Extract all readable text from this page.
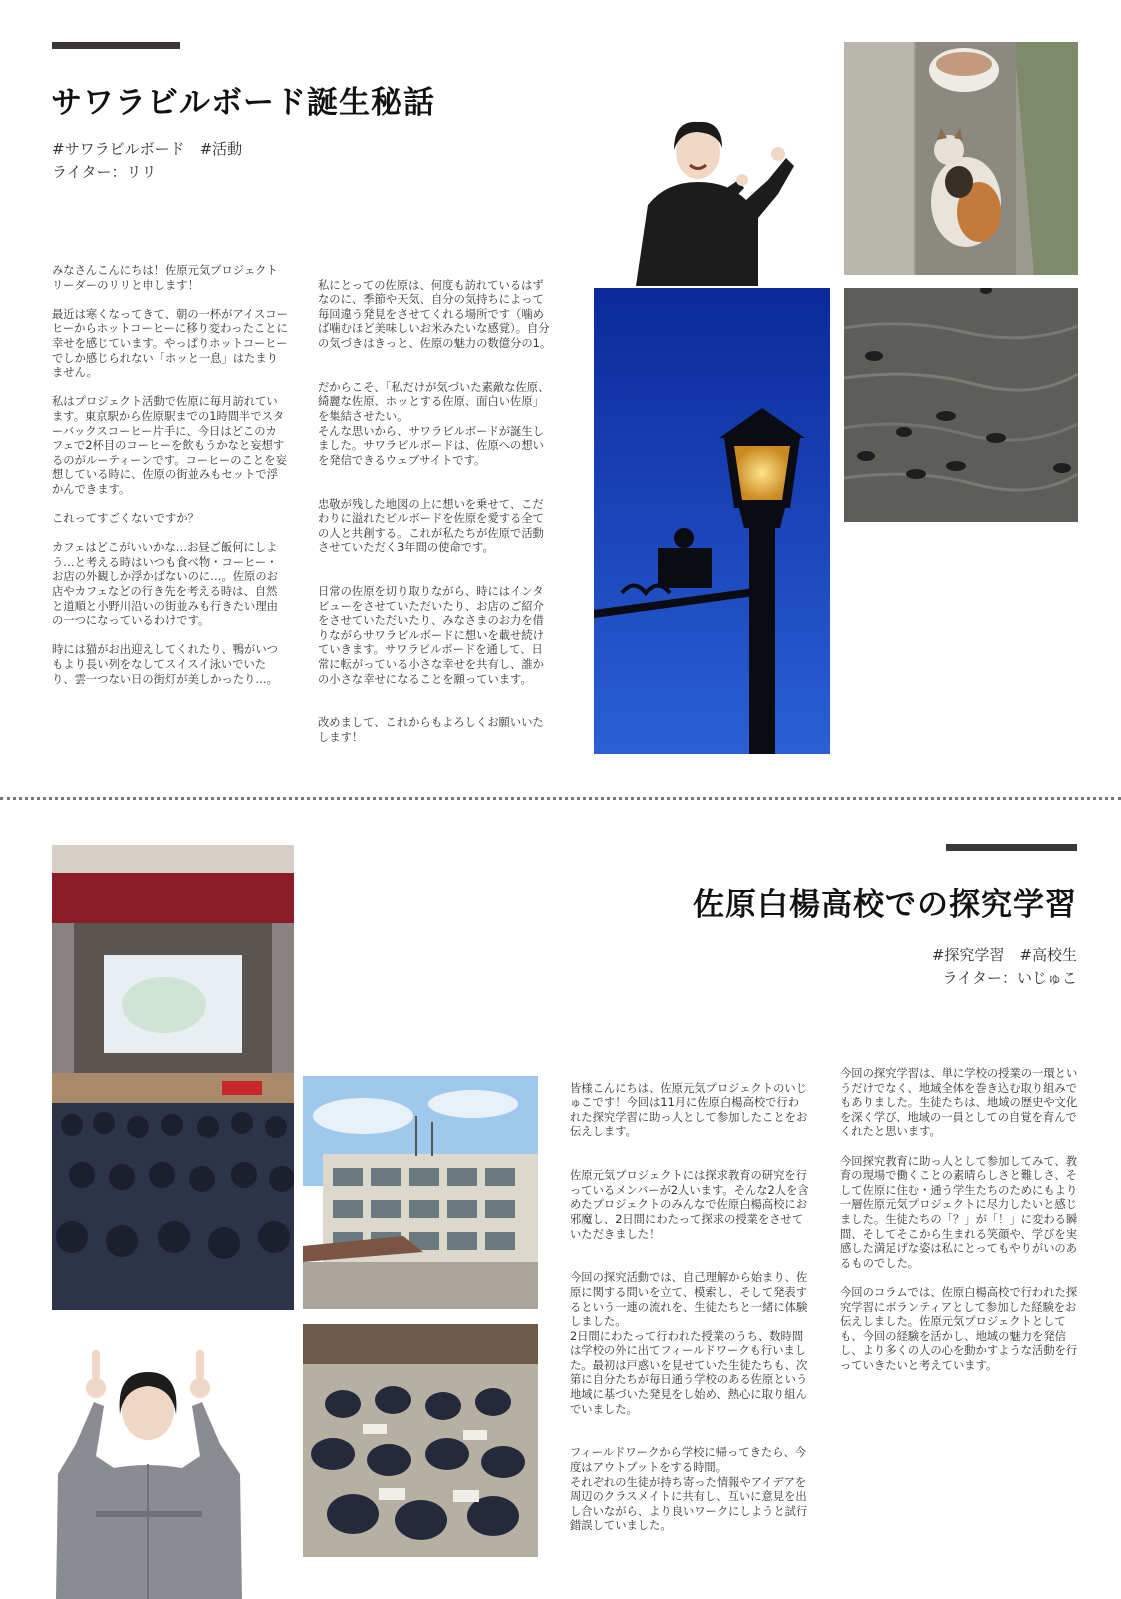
サワラビルボード誕生秘話
#サワラビルボード　#活動
ライター：リリ

みなさんこんにちは！佐原元気プロジェクトリーダーのリリと申します！

最近は寒くなってきて、朝の一杯がアイスコーヒーからホットコーヒーに移り変わったことに幸せを感じています。やっぱりホットコーヒーでしか感じられない「ホッと一息」はたまりません。

私はプロジェクト活動で佐原に毎月訪れています。東京駅から佐原駅までの1時間半でスターバックスコーヒー片手に、今日はどこのカフェで2杯目のコーヒーを飲もうかなと妄想するのがルーティーンです。コーヒーのことを妄想している時に、佐原の街並みもセットで浮かんできます。

これってすごくないですか？

カフェはどこがいいかな…お昼ご飯何にしよう…と考える時はいつも食べ物・コーヒー・お店の外観しか浮かばないのに…。佐原のお店やカフェなどの行き先を考える時は、自然と道順と小野川沿いの街並みも行きたい理由の一つになっているわけです。

時には猫がお出迎えしてくれたり、鴨がいつもより長い列をなしてスイスイ泳いでいたり、雲一つない日の街灯が美しかったり…。

私にとっての佐原は、何度も訪れているはずなのに、季節や天気、自分の気持ちによって毎回違う発見をさせてくれる場所です（噛めば噛むほど美味しいお米みたいな感覚）。自分の気づきはきっと、佐原の魅力の数億分の1。

だからこそ、「私だけが気づいた素敵な佐原、綺麗な佐原、ホッとする佐原、面白い佐原」を集結させたい。
そんな思いから、サワラビルボードが誕生しました。サワラビルボードは、佐原への想いを発信できるウェブサイトです。

忠敬が残した地図の上に想いを乗せて、こだわりに溢れたビルボードを佐原を愛する全ての人と共創する。これが私たちが佐原で活動させていただく3年間の使命です。

日常の佐原を切り取りながら、時にはインタビューをさせていただいたり、お店のご紹介をさせていただいたり、みなさまのお力を借りながらサワラビルボードに想いを載せ続けていきます。サワラビルボードを通して、日常に転がっている小さな幸せを共有し、誰かの小さな幸せになることを願っています。

改めまして、これからもよろしくお願いいたします！

佐原白楊高校での探究学習
#探究学習　#高校生
ライター：いじゅこ

皆様こんにちは、佐原元気プロジェクトのいじゅこです！今回は11月に佐原白楊高校で行われた探究学習に助っ人として参加したことをお伝えします。

佐原元気プロジェクトには探求教育の研究を行っているメンバーが2人います。そんな2人を含めたプロジェクトのみんなで佐原白楊高校にお邪魔し、2日間にわたって探求の授業をさせていただきました！

今回の探究活動では、自己理解から始まり、佐原に関する問いを立て、模索し、そして発表するという一連の流れを、生徒たちと一緒に体験しました。
2日間にわたって行われた授業のうち、数時間は学校の外に出てフィールドワークも行いました。最初は戸惑いを見せていた生徒たちも、次第に自分たちが毎日通う学校のある佐原という地域に基づいた発見をし始め、熱心に取り組んでいました。

フィールドワークから学校に帰ってきたら、今度はアウトプットをする時間。
それぞれの生徒が持ち寄った情報やアイデアを周辺のクラスメイトに共有し、互いに意見を出し合いながら、より良いワークにしようと試行錯誤していました。

今回の探究学習は、単に学校の授業の一環というだけでなく、地域全体を巻き込む取り組みでもありました。生徒たちは、地域の歴史や文化を深く学び、地域の一員としての自覚を育んでくれたと思います。

今回探究教育に助っ人として参加してみて、教育の現場で働くことの素晴らしさと難しさ、そして佐原に住む・通う学生たちのためにもより一層佐原元気プロジェクトに尽力したいと感じました。生徒たちの「？」が「！」に変わる瞬間、そしてそこから生まれる笑顔や、学びを実感した満足げな姿は私にとってもやりがいのあるものでした。

今回のコラムでは、佐原白楊高校で行われた探究学習にボランティアとして参加した経験をお伝えしました。佐原元気プロジェクトとしても、今回の経験を活かし、地域の魅力を発信し、より多くの人の心を動かすような活動を行っていきたいと考えています。
